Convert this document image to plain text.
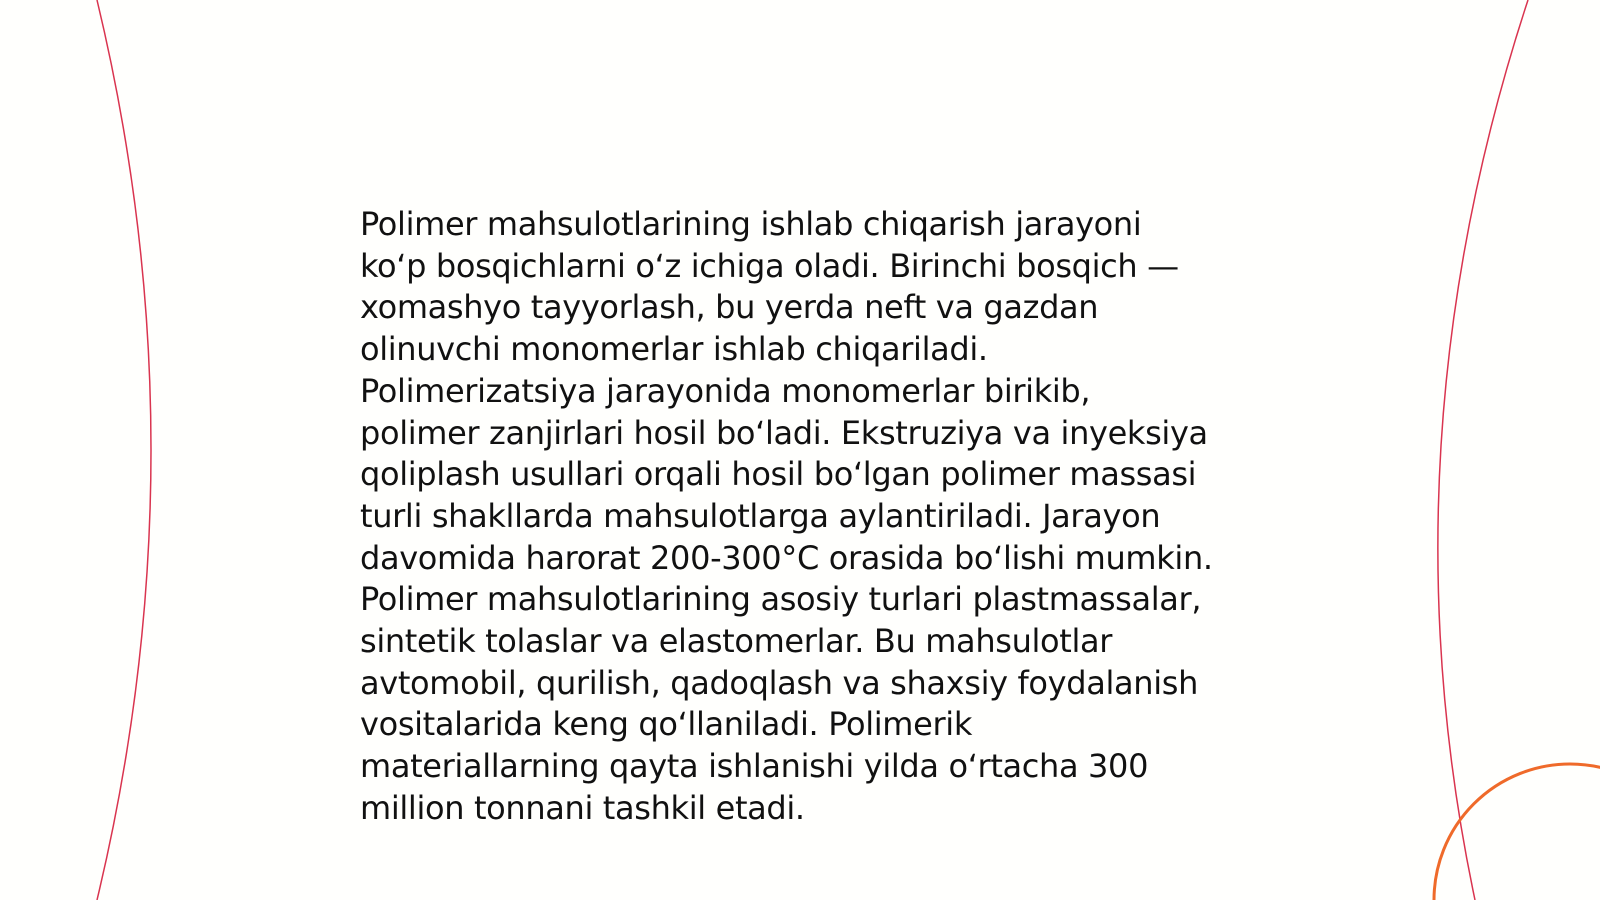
Polimer mahsulotlarining ishlab chiqarish jarayoni
ko‘p bosqichlarni o‘z ichiga oladi. Birinchi bosqich —
xomashyo tayyorlash, bu yerda neft va gazdan
olinuvchi monomerlar ishlab chiqariladi.
Polimerizatsiya jarayonida monomerlar birikib,
polimer zanjirlari hosil bo‘ladi. Ekstruziya va inyeksiya
qoliplash usullari orqali hosil bo‘lgan polimer massasi
turli shakllarda mahsulotlarga aylantiriladi. Jarayon
davomida harorat 200-300°C orasida bo‘lishi mumkin.
Polimer mahsulotlarining asosiy turlari plastmassalar,
sintetik tolaslar va elastomerlar. Bu mahsulotlar
avtomobil, qurilish, qadoqlash va shaxsiy foydalanish
vositalarida keng qo‘llaniladi. Polimerik
materiallarning qayta ishlanishi yilda o‘rtacha 300
million tonnani tashkil etadi.
